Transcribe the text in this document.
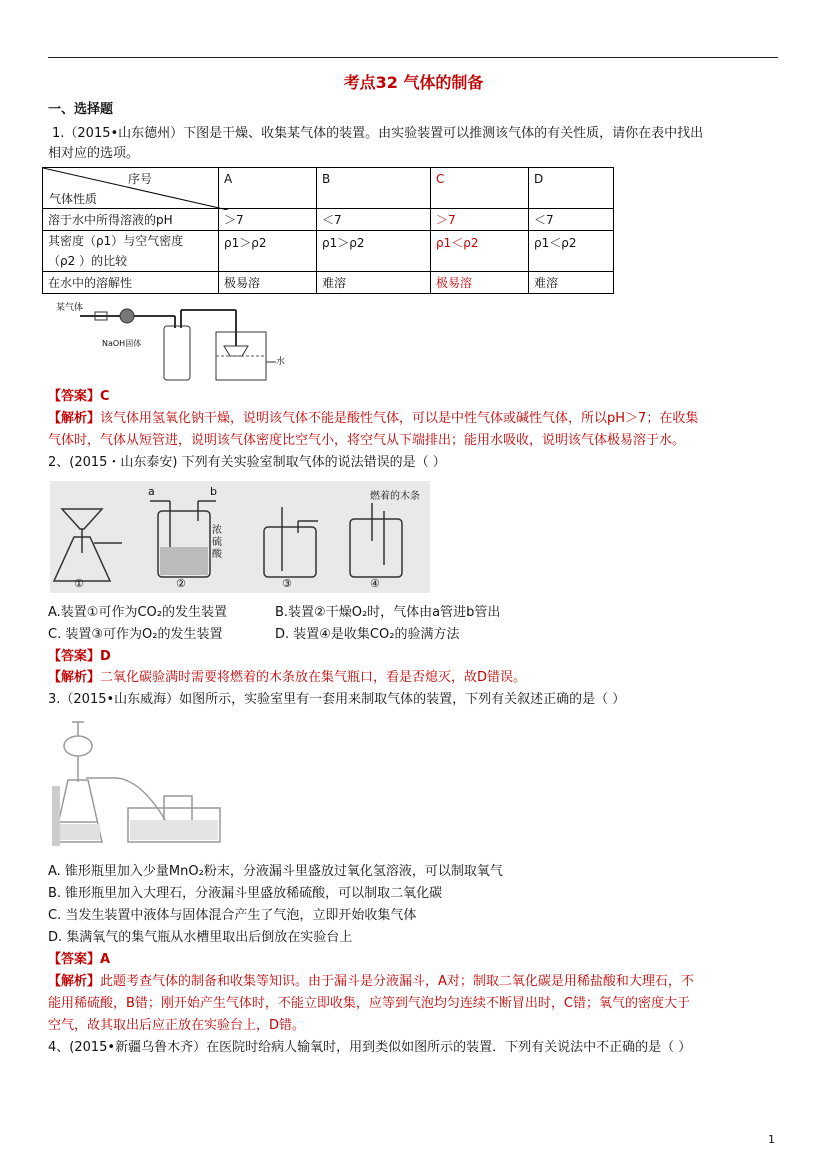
考点32 气体的制备
一、选择题
1.（2015•山东德州）下图是干燥、收集某气体的装置。由实验装置可以推测该气体的有关性质，请你在表中找出
相对应的选项。
序号
气体性质	A	B	C	D
溶于水中所得溶液的pH	＞7	＜7	＞7	＜7

其密度（ρ1）与空气密度
（ρ2 ）的比较	ρ1＞ρ2	ρ1＞ρ2	ρ1＜ρ2	ρ1＜ρ2
在水中的溶解性	极易溶	难溶	极易溶	难溶
某气体
NaOH固体
水
【答案】C
【解析】该气体用氢氧化钠干燥，说明该气体不能是酸性气体，可以是中性气体或碱性气体，所以pH＞7；在收集
气体时，气体从短管进，说明该气体密度比空气小，将空气从下端排出；能用水吸收，说明该气体极易溶于水。
2、(2015・山东泰安) 下列有关实验室制取气体的说法错误的是（ ）
a	b
浓硫酸
燃着的木条
①	②	③	④
A.装置①可作为CO₂的发生装置	B.装置②干燥O₂时，气体由a管进b管出
C. 装置③可作为O₂的发生装置	D. 装置④是收集CO₂的验满方法
【答案】D
【解析】二氧化碳验满时需要将燃着的木条放在集气瓶口，看是否熄灭，故D错误。
3.（2015•山东威海）如图所示，实验室里有一套用来制取气体的装置，下列有关叙述正确的是（ ）
A. 锥形瓶里加入少量MnO₂粉末，分液漏斗里盛放过氧化氢溶液，可以制取氧气
B. 锥形瓶里加入大理石，分液漏斗里盛放稀硫酸，可以制取二氧化碳
C. 当发生装置中液体与固体混合产生了气泡，立即开始收集气体
D. 集满氧气的集气瓶从水槽里取出后倒放在实验台上
【答案】A
【解析】此题考查气体的制备和收集等知识。由于漏斗是分液漏斗，A对；制取二氧化碳是用稀盐酸和大理石，不
能用稀硫酸，B错；刚开始产生气体时，不能立即收集，应等到气泡均匀连续不断冒出时，C错；氧气的密度大于
空气，故其取出后应正放在实验台上，D错。
4、(2015•新疆乌鲁木齐）在医院时给病人输氧时，用到类似如图所示的装置．下列有关说法中不正确的是（ ）
1
